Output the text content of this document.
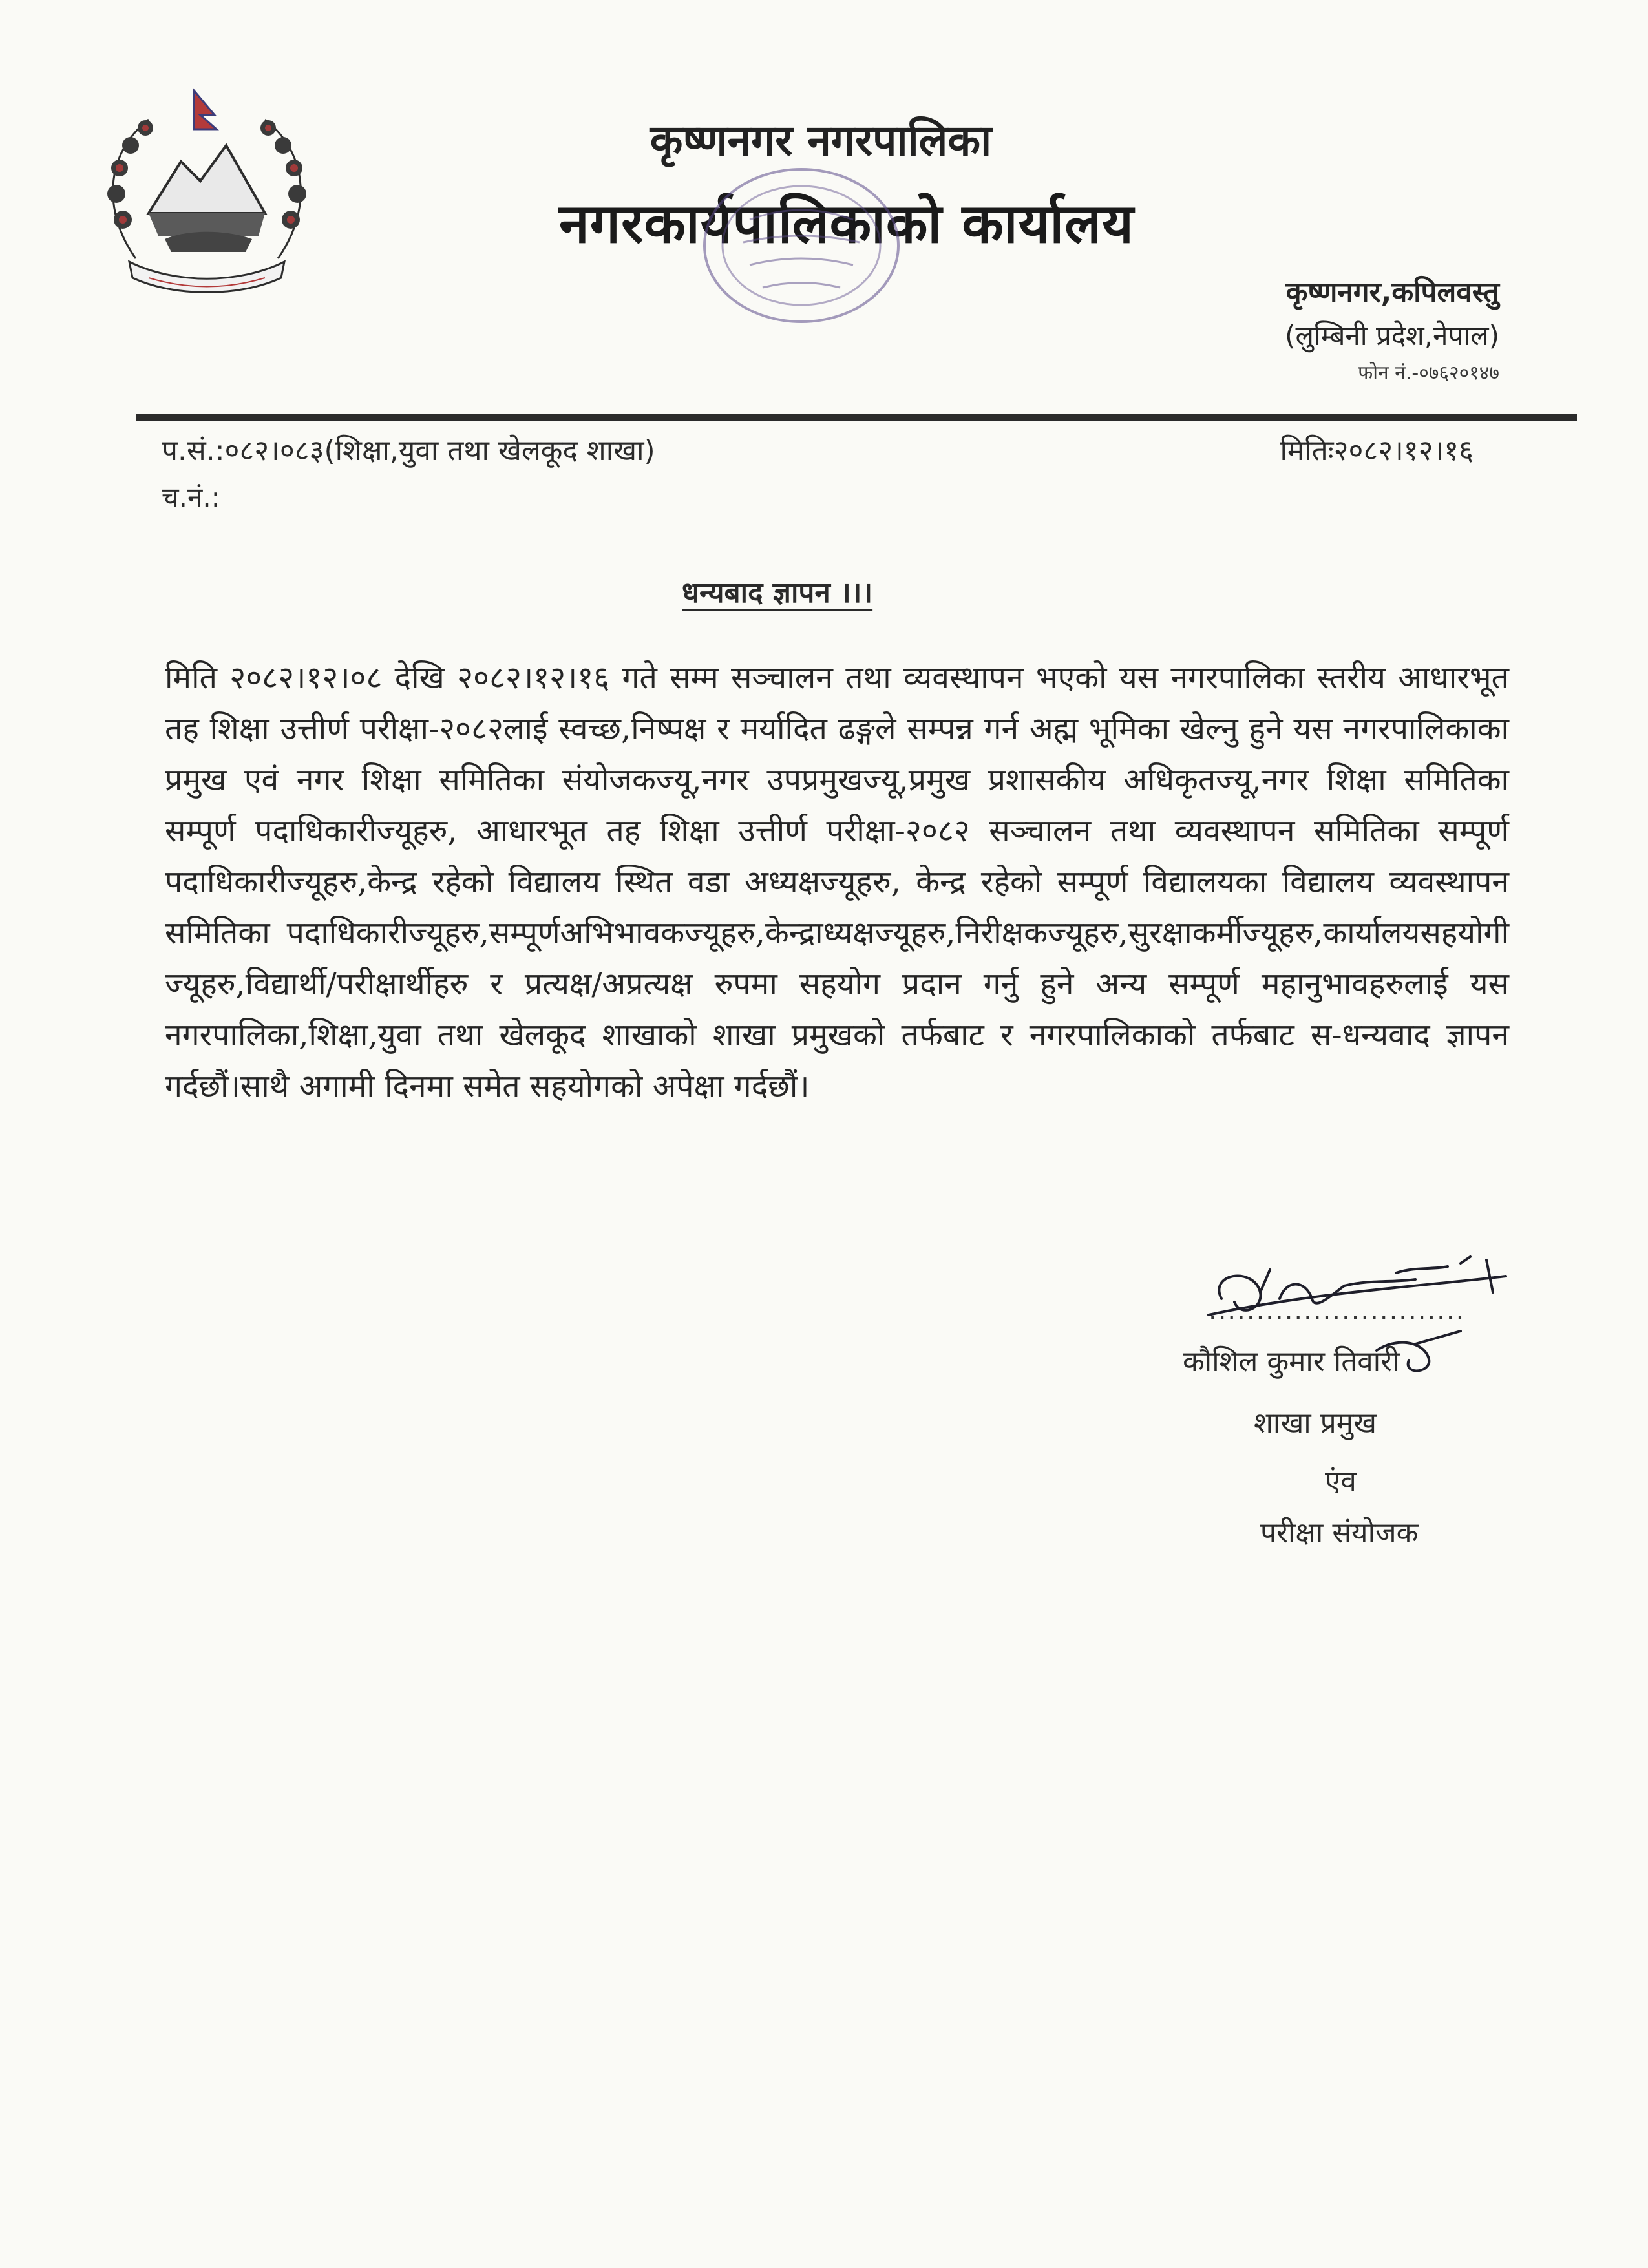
कृष्णनगर नगरपालिका
नगरकार्यपालिकाको कार्यालय
कृष्णनगर,कपिलवस्तु
(लुम्बिनी प्रदेश,नेपाल)
फोन नं.-०७६२०१४७
प.सं.:०८२।०८३(शिक्षा,युवा तथा खेलकूद शाखा)
च.नं.:
मितिः२०८२।१२।१६
धन्यबाद ज्ञापन ।।।
मिति २०८२।१२।०८ देखि २०८२।१२।१६ गते सम्म सञ्चालन तथा व्यवस्थापन भएको यस नगरपालिका स्तरीय आधारभूत तह शिक्षा उत्तीर्ण परीक्षा-२०८२लाई स्वच्छ,निष्पक्ष र मर्यादित ढङ्गले सम्पन्न गर्न अह्म भूमिका खेल्नु हुने यस नगरपालिकाका प्रमुख एवं नगर शिक्षा समितिका संयोजकज्यू,नगर उपप्रमुखज्यू,प्रमुख प्रशासकीय अधिकृतज्यू,नगर शिक्षा समितिका सम्पूर्ण पदाधिकारीज्यूहरु, आधारभूत तह शिक्षा उत्तीर्ण परीक्षा-२०८२ सञ्चालन तथा व्यवस्थापन समितिका सम्पूर्ण पदाधिकारीज्यूहरु,केन्द्र रहेको विद्यालय स्थित वडा अध्यक्षज्यूहरु, केन्द्र रहेको सम्पूर्ण विद्यालयका विद्यालय व्यवस्थापन समितिका पदाधिकारीज्यूहरु,सम्पूर्णअभिभावकज्यूहरु,केन्द्राध्यक्षज्यूहरु,निरीक्षकज्यूहरु,सुरक्षाकर्मीज्यूहरु,कार्यालयसहयोगी ज्यूहरु,विद्यार्थी/परीक्षार्थीहरु र प्रत्यक्ष/अप्रत्यक्ष रुपमा सहयोग प्रदान गर्नु हुने अन्य सम्पूर्ण महानुभावहरुलाई यस नगरपालिका,शिक्षा,युवा तथा खेलकूद शाखाको शाखा प्रमुखको तर्फबाट र नगरपालिकाको तर्फबाट स-धन्यवाद ज्ञापन गर्दछौं।साथै अगामी दिनमा समेत सहयोगको अपेक्षा गर्दछौं।
...........................
कौशिल कुमार तिवारी
शाखा प्रमुख
एंव
परीक्षा संयोजक
